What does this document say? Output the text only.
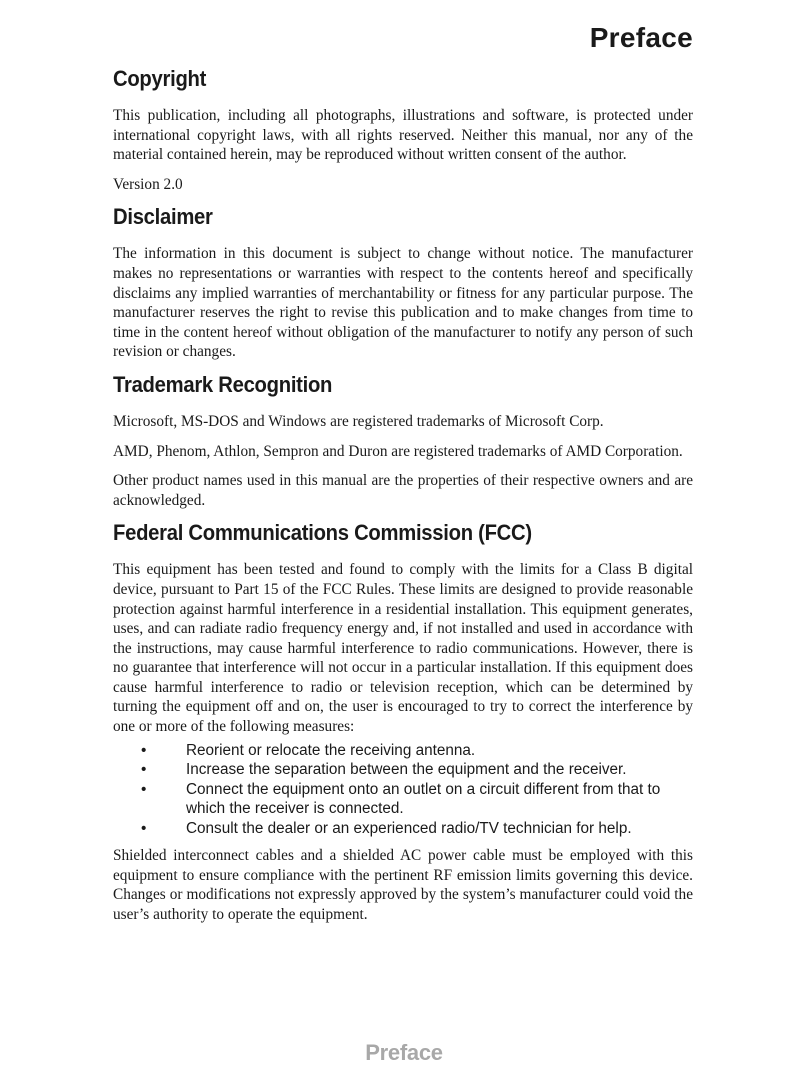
Preface
Copyright

This publication, including all photographs, illustrations and software, is protected under international copyright laws, with all rights reserved. Neither this manual, nor any of the material contained herein, may be reproduced without written consent of the author.

Version 2.0

Disclaimer

The information in this document is subject to change without notice. The manufacturer makes no representations or warranties with respect to the contents hereof and specifically disclaims any implied warranties of merchantability or fitness for any particular purpose. The manufacturer reserves the right to revise this publication and to make changes from time to time in the content hereof without obligation of the manufacturer to notify any person of such revision or changes.

Trademark Recognition

Microsoft, MS-DOS and Windows are registered trademarks of Microsoft Corp.

AMD, Phenom, Athlon, Sempron and Duron are registered trademarks of AMD Corporation.

Other product names used in this manual are the properties of their respective owners and are acknowledged.

Federal Communications Commission (FCC)

This equipment has been tested and found to comply with the limits for a Class B digital device, pursuant to Part 15 of the FCC Rules. These limits are designed to provide reasonable protection against harmful interference in a residential installation. This equipment generates, uses, and can radiate radio frequency energy and, if not installed and used in accordance with the instructions, may cause harmful interference to radio communications. However, there is no guarantee that interference will not occur in a particular installation. If this equipment does cause harmful interference to radio or television reception, which can be determined by turning the equipment off and on, the user is encouraged to try to correct the interference by one or more of the following measures:

•	Reorient or relocate the receiving antenna.
•	Increase the separation between the equipment and the receiver.
•	Connect the equipment onto an outlet on a circuit different from that to which the receiver is connected.
•	Consult the dealer or an experienced radio/TV technician for help.

Shielded interconnect cables and a shielded AC power cable must be employed with this equipment to ensure compliance with the pertinent RF emission limits governing this device. Changes or modifications not expressly approved by the system’s manufacturer could void the user’s authority to operate the equipment.

Preface
